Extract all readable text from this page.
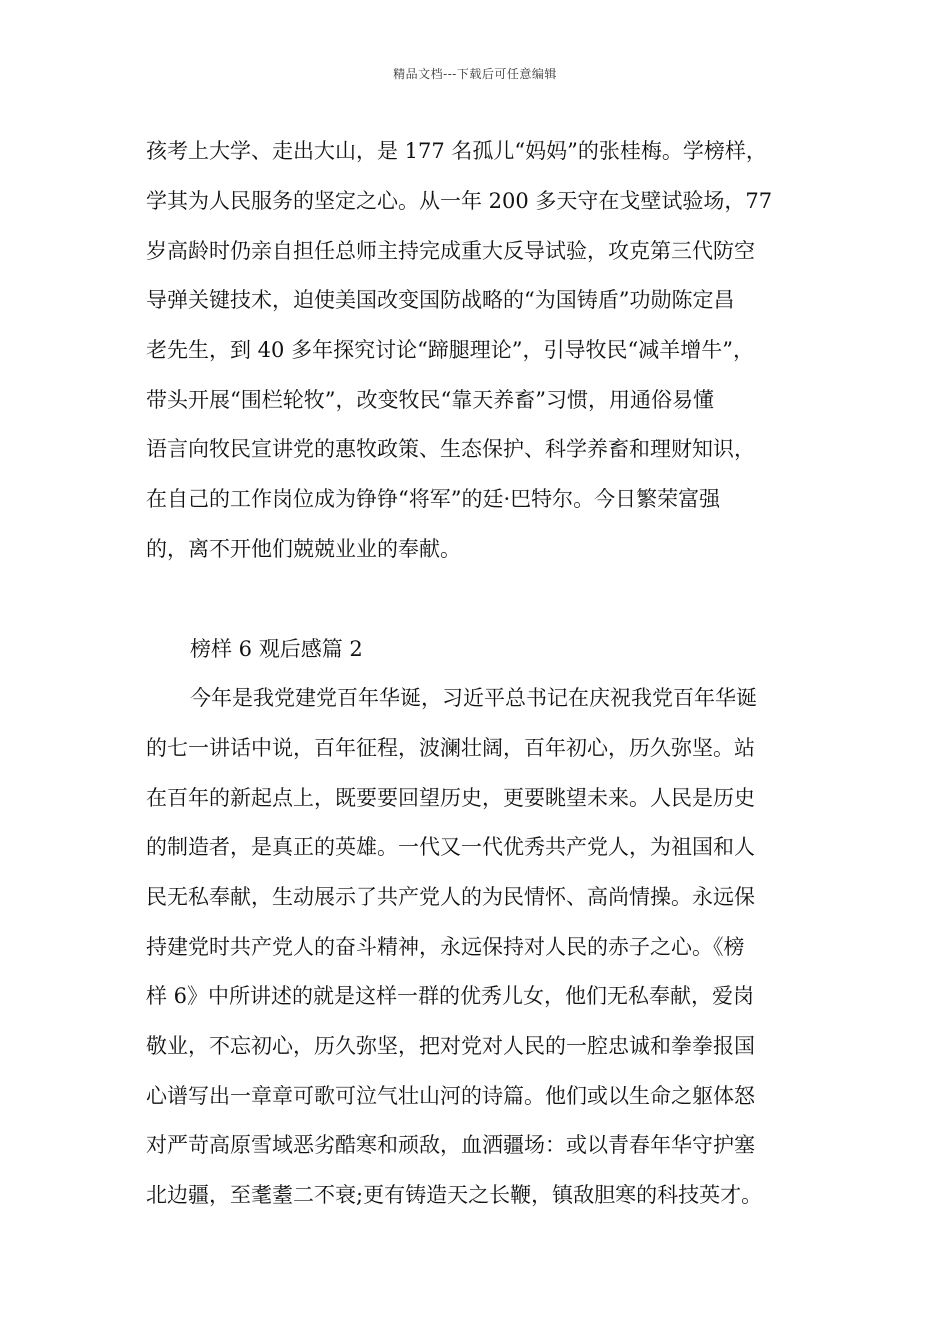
精品文档---下载后可任意编辑
孩考上大学、走出大山，是 177 名孤儿“妈妈”的张桂梅。学榜样，
学其为人民服务的坚定之心。从一年 200 多天守在戈壁试验场，77
岁高龄时仍亲自担任总师主持完成重大反导试验，攻克第三代防空
导弹关键技术，迫使美国改变国防战略的“为国铸盾”功勋陈定昌
老先生，到 40 多年探究讨论“蹄腿理论”，引导牧民“减羊增牛”，
带头开展“围栏轮牧”，改变牧民“靠天养畜”习惯，用通俗易懂
语言向牧民宣讲党的惠牧政策、生态保护、科学养畜和理财知识，
在自己的工作岗位成为铮铮“将军”的廷·巴特尔。今日繁荣富强
的，离不开他们兢兢业业的奉献。
榜样 6 观后感篇 2
今年是我党建党百年华诞，习近平总书记在庆祝我党百年华诞
的七一讲话中说，百年征程，波澜壮阔，百年初心，历久弥坚。站
在百年的新起点上，既要要回望历史，更要眺望未来。人民是历史
的制造者，是真正的英雄。一代又一代优秀共产党人，为祖国和人
民无私奉献，生动展示了共产党人的为民情怀、高尚情操。永远保
持建党时共产党人的奋斗精神，永远保持对人民的赤子之心。《榜
样 6》中所讲述的就是这样一群的优秀儿女，他们无私奉献，爱岗
敬业，不忘初心，历久弥坚，把对党对人民的一腔忠诚和拳拳报国
心谱写出一章章可歌可泣气壮山河的诗篇。他们或以生命之躯体怒
对严苛高原雪域恶劣酷寒和顽敌，血洒疆场：或以青春年华守护塞
北边疆，至耄耋二不衰;更有铸造天之长鞭，镇敌胆寒的科技英才。
